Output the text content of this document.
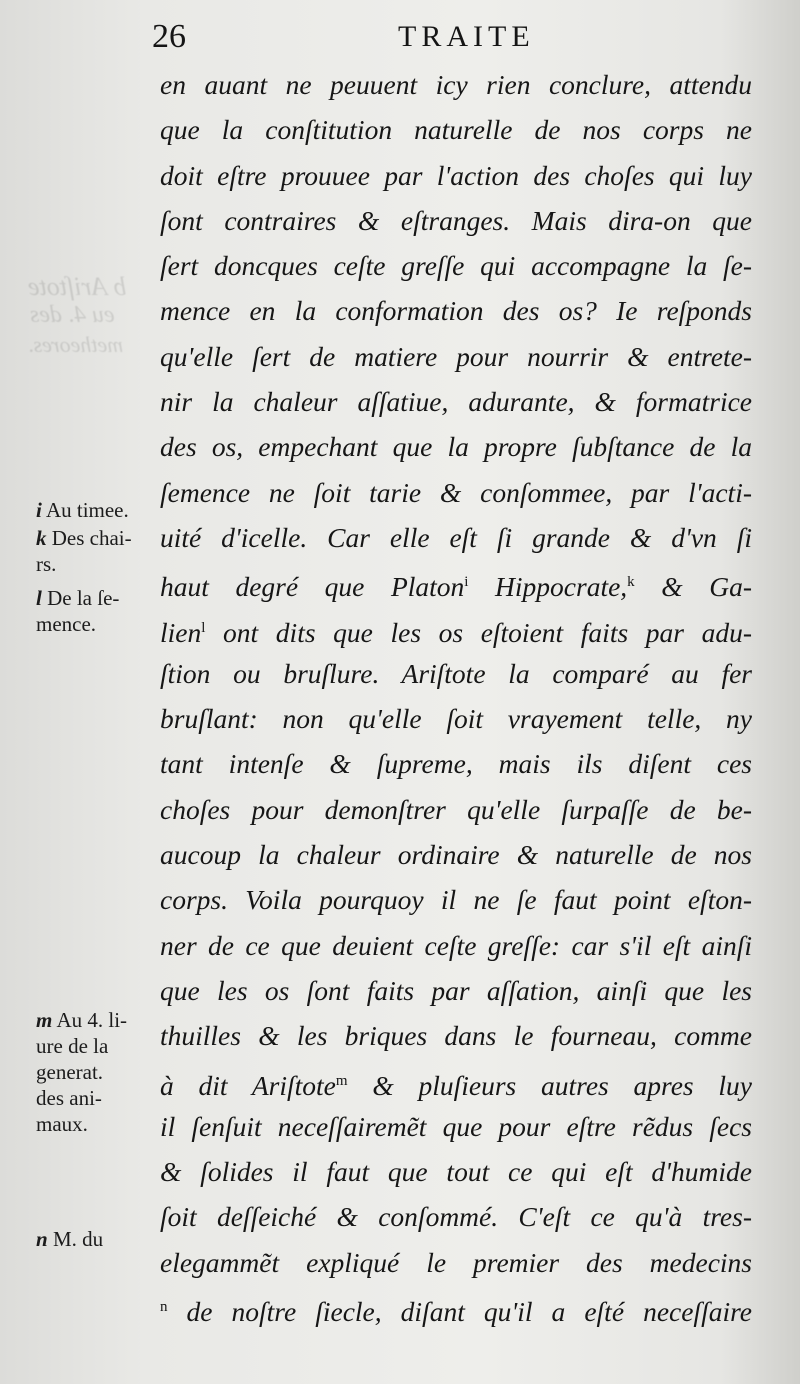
b Ariſtote
eu 4. des
metheores.
26	TRAITE
en auant ne peuuent icy rien conclure, attendu
que la conſtitution naturelle de nos corps ne
doit eſtre prouuee par l'action des choſes qui luy
ſont contraires & eſtranges. Mais dira-on que
ſert doncques ceſte greſſe qui accompagne la ſe-
mence en la conformation des os? Ie reſponds
qu'elle ſert de matiere pour nourrir & entrete-
nir la chaleur aſſatiue, adurante, & formatrice
des os, empechant que la propre ſubſtance de la
ſemence ne ſoit tarie & conſommee, par l'acti-
uité d'icelle. Car elle eſt ſi grande & d'vn ſi
haut degré que Platon$^i$ Hippocrate,$^k$ & Ga-
lien$^l$ ont dits que les os eſtoient faits par adu-
ſtion ou bruſlure. Ariſtote la comparé au fer
bruſlant: non qu'elle ſoit vrayement telle, ny
tant intenſe & ſupreme, mais ils diſent ces
choſes pour demonſtrer qu'elle ſurpaſſe de be-
aucoup la chaleur ordinaire & naturelle de nos
corps. Voila pourquoy il ne ſe faut point eſton-
ner de ce que deuient ceſte greſſe: car s'il eſt ainſi
que les os ſont faits par aſſation, ainſi que les
thuilles & les briques dans le fourneau, comme
à dit Ariſtote$^m$ & pluſieurs autres apres luy
il ſenſuit neceſſairemẽt que pour eſtre rẽdus ſecs
& ſolides il faut que tout ce qui eſt d'humide
ſoit deſſeiché & conſommé. C'eſt ce qu'à tres-
elegammẽt expliqué le premier des medecins
$^n$ de noſtre ſiecle, diſant qu'il a eſté neceſſaire
i Au timee.
k Des chai-
rs.
l De la ſe-
mence.
m Au 4. li-
ure de la
generat.
des ani-
maux.
n M. du
